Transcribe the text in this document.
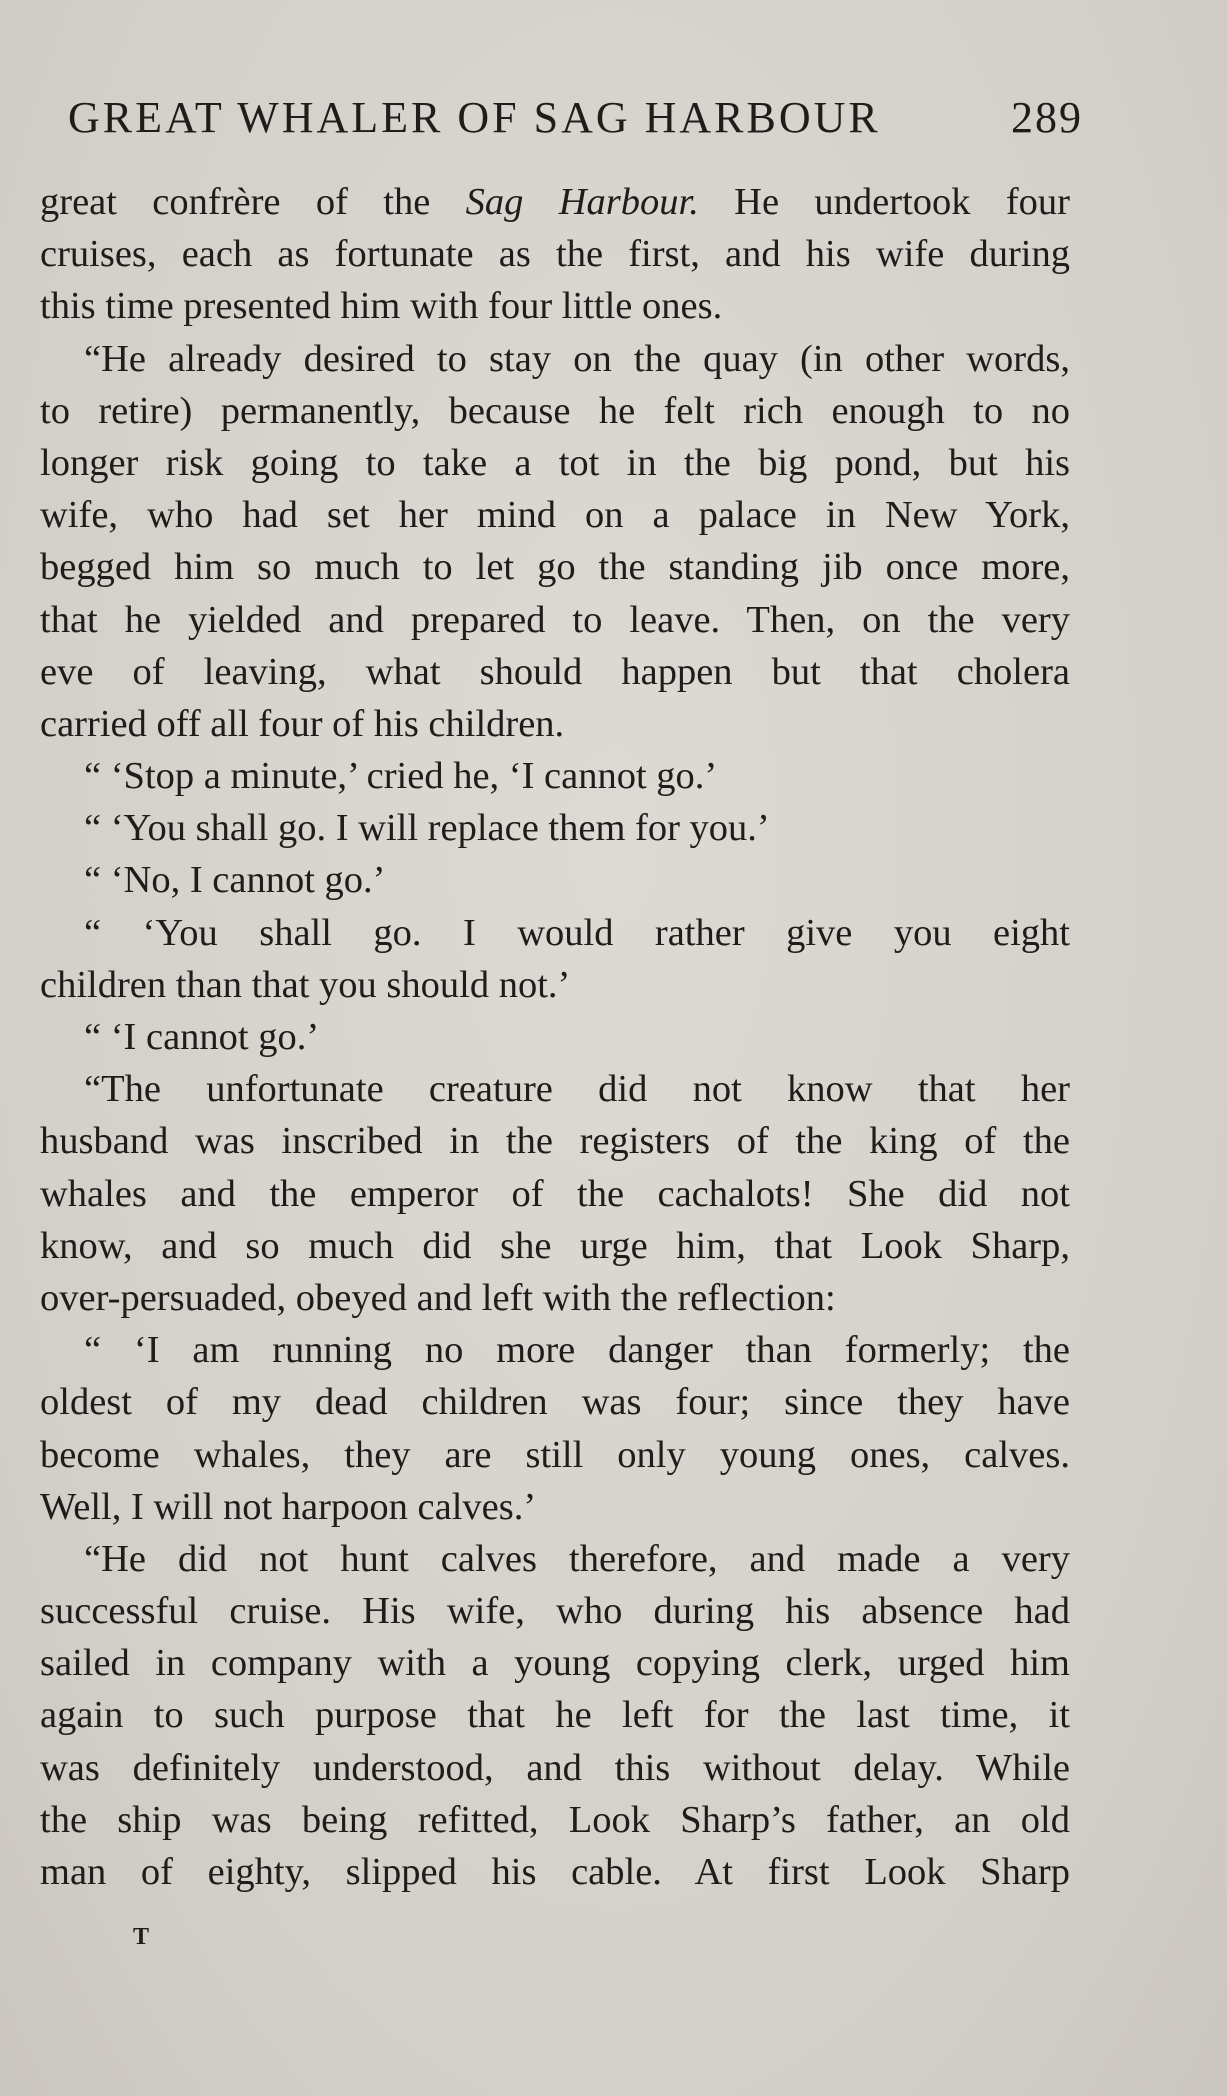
GREAT WHALER OF SAG HARBOUR	289
great confrère of the Sag Harbour. He undertook four
cruises, each as fortunate as the first, and his wife during
this time presented him with four little ones.
“He already desired to stay on the quay (in other words,
to retire) permanently, because he felt rich enough to no
longer risk going to take a tot in the big pond, but his
wife, who had set her mind on a palace in New York,
begged him so much to let go the standing jib once more,
that he yielded and prepared to leave. Then, on the very
eve of leaving, what should happen but that cholera
carried off all four of his children.
“ ‘Stop a minute,’ cried he, ‘I cannot go.’
“ ‘You shall go. I will replace them for you.’
“ ‘No, I cannot go.’
“ ‘You shall go. I would rather give you eight
children than that you should not.’
“ ‘I cannot go.’
“The unfortunate creature did not know that her
husband was inscribed in the registers of the king of the
whales and the emperor of the cachalots! She did not
know, and so much did she urge him, that Look Sharp,
over-persuaded, obeyed and left with the reflection:
“ ‘I am running no more danger than formerly; the
oldest of my dead children was four; since they have
become whales, they are still only young ones, calves.
Well, I will not harpoon calves.’
“He did not hunt calves therefore, and made a very
successful cruise. His wife, who during his absence had
sailed in company with a young copying clerk, urged him
again to such purpose that he left for the last time, it
was definitely understood, and this without delay. While
the ship was being refitted, Look Sharp’s father, an old
man of eighty, slipped his cable. At first Look Sharp
T
